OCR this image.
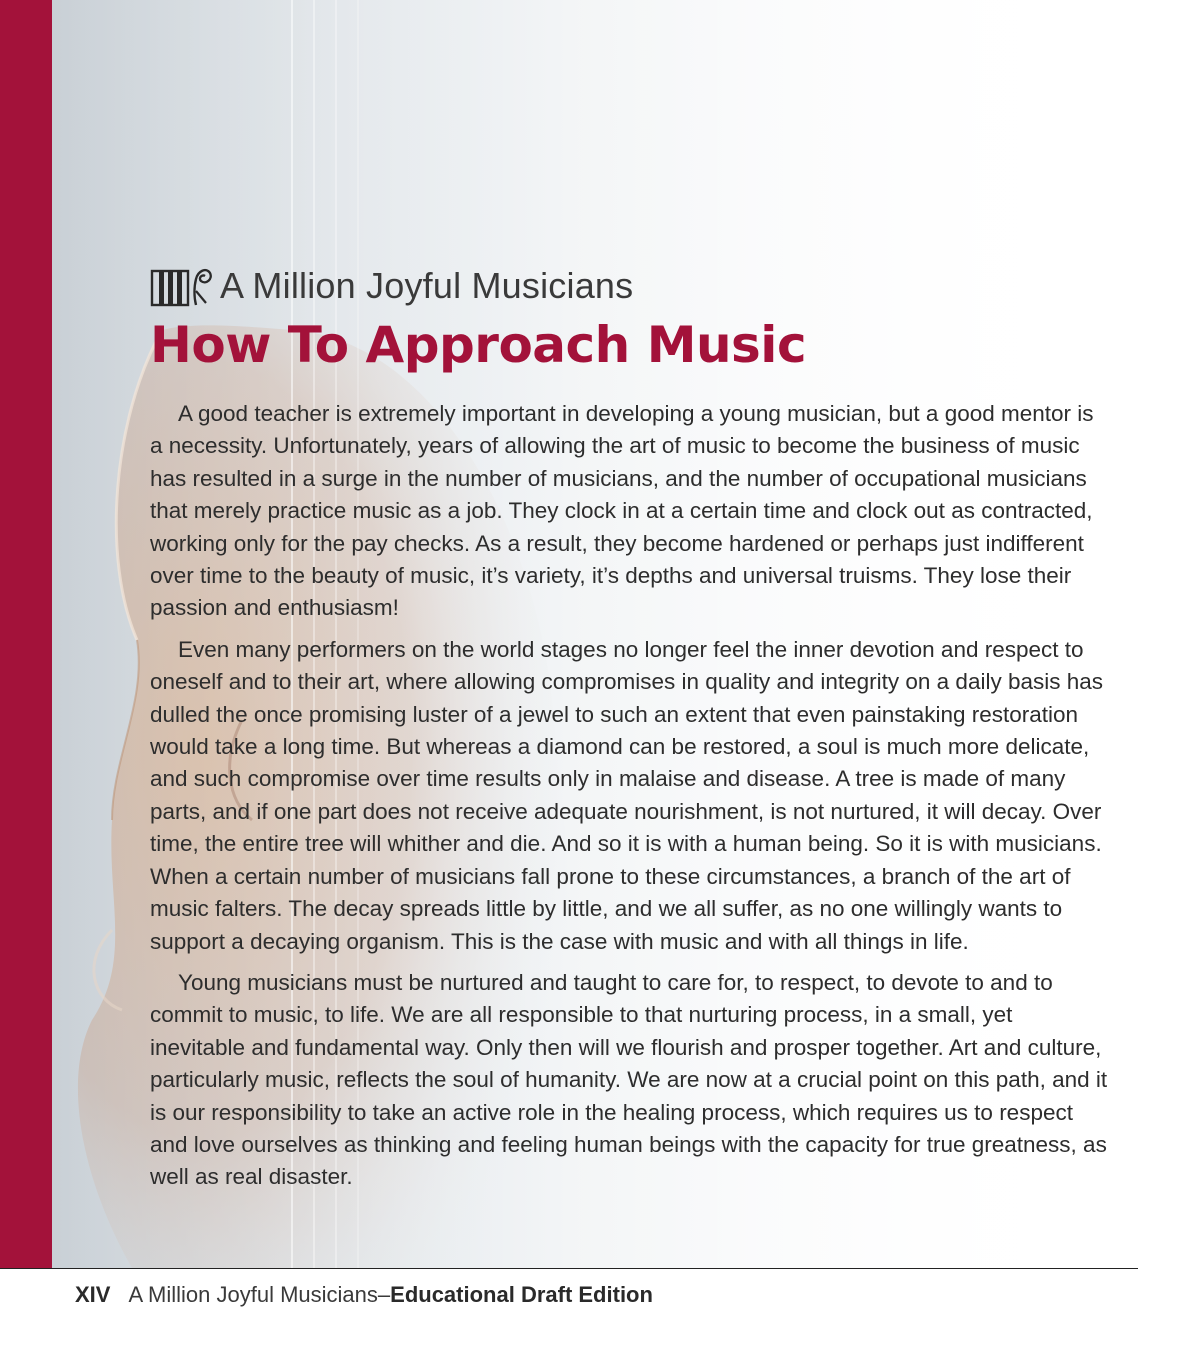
A Million Joyful Musicians
How To Approach Music

A good teacher is extremely important in developing a young musician, but a good mentor is a necessity. Unfortunately, years of allowing the art of music to become the business of music has resulted in a surge in the number of musicians, and the number of occupational musicians that merely practice music as a job. They clock in at a certain time and clock out as contracted, working only for the pay checks. As a result, they become hardened or perhaps just indifferent over time to the beauty of music, it’s variety, it’s depths and universal truisms. They lose their passion and enthusiasm!

Even many performers on the world stages no longer feel the inner devotion and respect to oneself and to their art, where allowing compromises in quality and integrity on a daily basis has dulled the once promising luster of a jewel to such an extent that even painstaking restoration would take a long time. But whereas a diamond can be restored, a soul is much more delicate, and such compromise over time results only in malaise and disease. A tree is made of many parts, and if one part does not receive adequate nourishment, is not nurtured, it will decay. Over time, the entire tree will whither and die. And so it is with a human being. So it is with musicians. When a certain number of musicians fall prone to these circumstances, a branch of the art of music falters. The decay spreads little by little, and we all suffer, as no one willingly wants to support a decaying organism. This is the case with music and with all things in life.

Young musicians must be nurtured and taught to care for, to respect, to devote to and to commit to music, to life. We are all responsible to that nurturing process, in a small, yet inevitable and fundamental way. Only then will we flourish and prosper together. Art and culture, particularly music, reflects the soul of humanity. We are now at a crucial point on this path, and it is our responsibility to take an active role in the healing process, which requires us to respect and love ourselves as thinking and feeling human beings with the capacity for true greatness, as well as real disaster.

XIV A Million Joyful Musicians–Educational Draft Edition
